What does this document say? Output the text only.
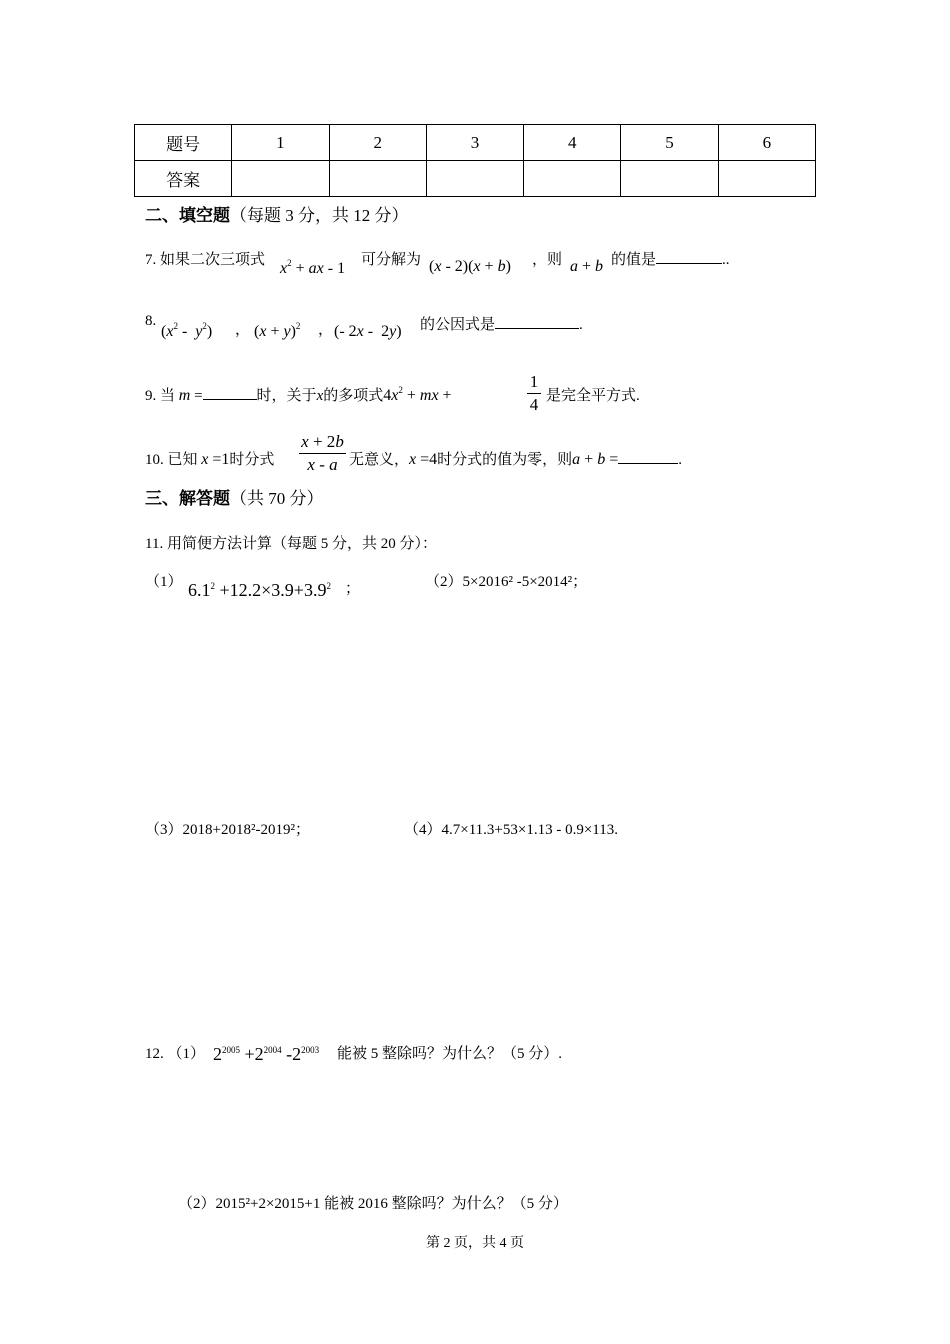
题号	1	2	3	4	5	6
答案						
二、填空题（每题 3 分，共 12 分）
7. 如果二次三项式 $x^2$ + ax - 1 可分解为 (x - 2)(x + b) ，则 a + b 的值是	..
8.
$(x^2 - y^2)$ ， $(x + y)^2$ ， (- 2x -  2y) 的公因式是	.
9. 当 m =	时，关于x的多项式$4x^2$ + mx +
1
4 是完全平方式.
10. 已知 x =1时分式
x + 2b
x - a 无意义，x =4时分式的值为零，则a + b =	.
三、解答题（共 70 分）
11. 用简便方法计算（每题 5 分，共 20 分）：
（1） $6.1^2 +12.2\times 3.9+3.9^2$ ；	（2）5×2016² -5×2014²；
（3）2018+2018²-2019²；	（4）4.7×11.3+53×1.13 - 0.9×113.
12. （1） $2^{2005} +2^{2004}$ $-2^{2003}$ 能被 5 整除吗？为什么？（5 分）.
（2）2015²+2×2015+1 能被 2016 整除吗？为什么？（5 分）
第 2 页，共 4 页
